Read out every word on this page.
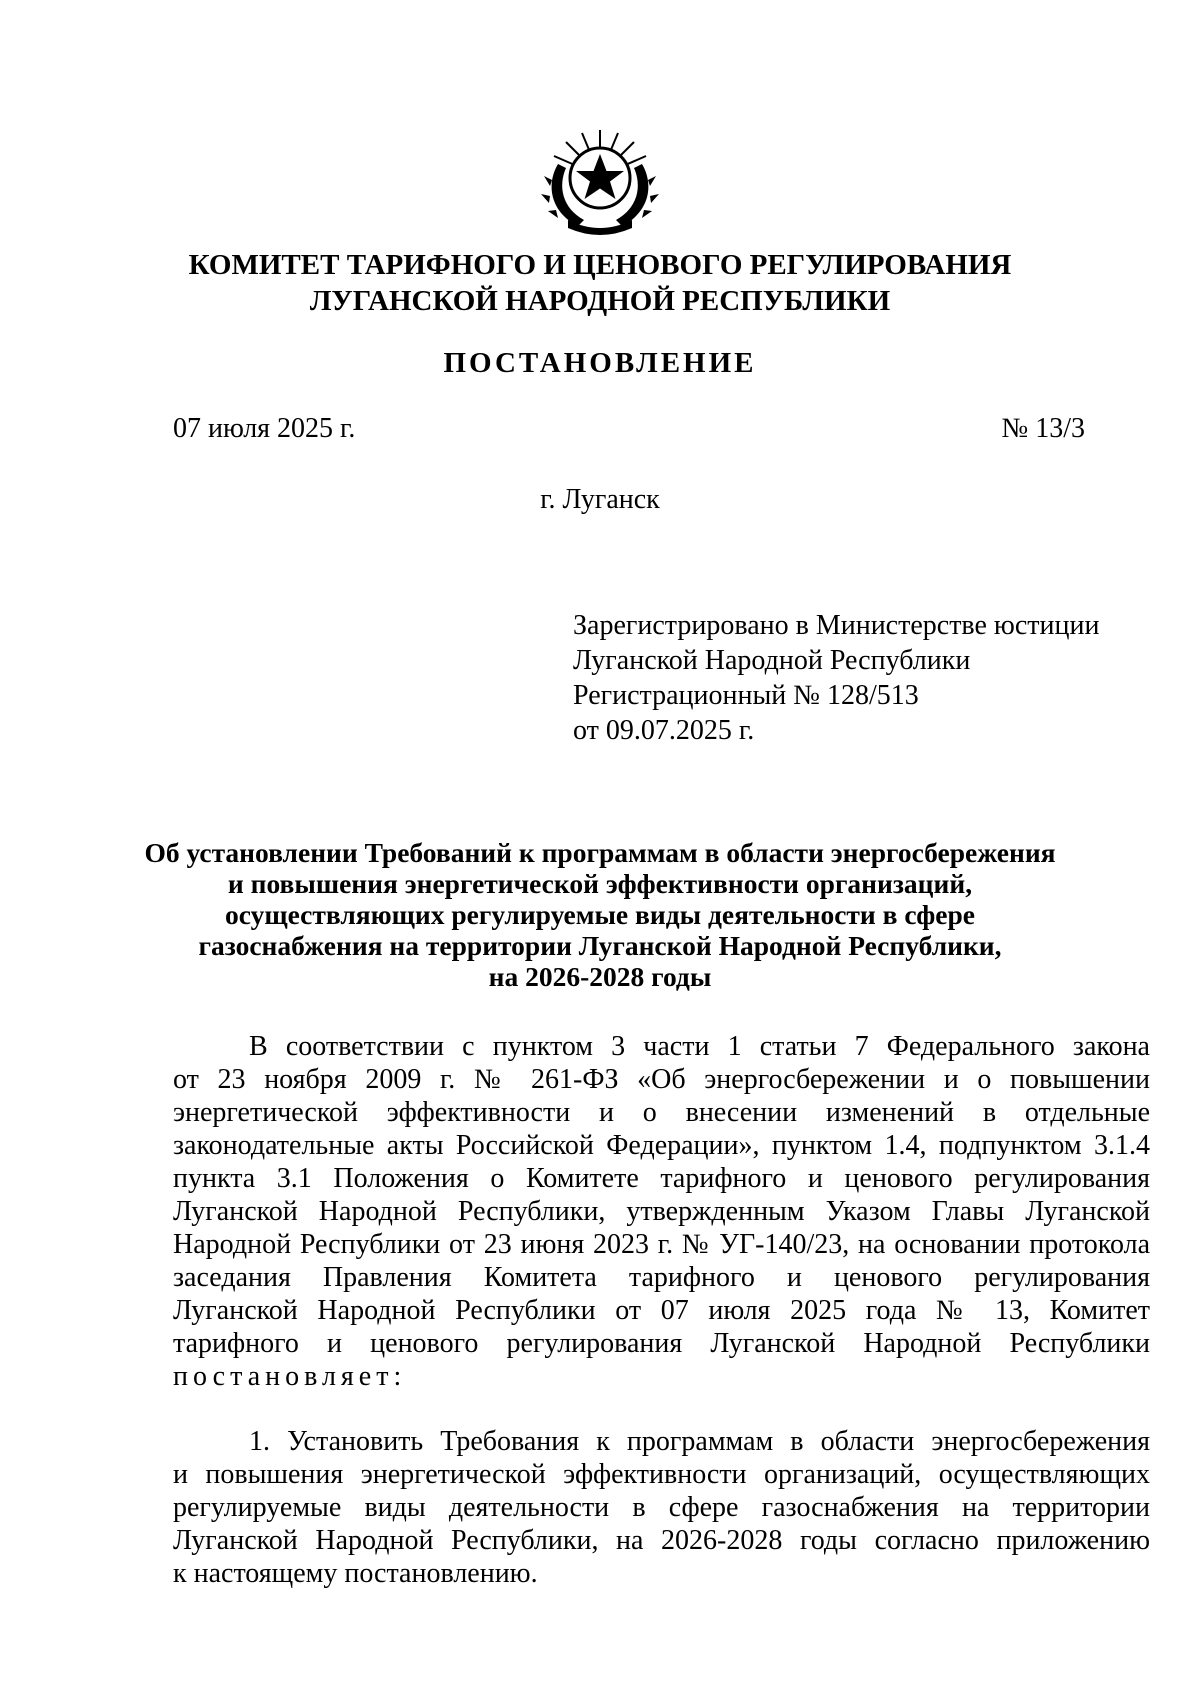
КОМИТЕТ ТАРИФНОГО И ЦЕНОВОГО РЕГУЛИРОВАНИЯ
ЛУГАНСКОЙ НАРОДНОЙ РЕСПУБЛИКИ
ПОСТАНОВЛЕНИЕ
07 июля 2025 г.	№ 13/3
г. Луганск
Зарегистрировано в Министерстве юстиции
Луганской Народной Республики
Регистрационный № 128/513
от 09.07.2025 г.
Об установлении Требований к программам в области энергосбережения
и повышения энергетической эффективности организаций,
осуществляющих регулируемые виды деятельности в сфере
газоснабжения на территории Луганской Народной Республики,
на 2026-2028 годы
В соответствии с пунктом 3 части 1 статьи 7 Федерального закона
от 23 ноября 2009 г. № 261-ФЗ «Об энергосбережении и о повышении
энергетической эффективности и о внесении изменений в отдельные
законодательные акты Российской Федерации», пунктом 1.4, подпунктом 3.1.4
пункта 3.1 Положения о Комитете тарифного и ценового регулирования
Луганской Народной Республики, утвержденным Указом Главы Луганской
Народной Республики от 23 июня 2023 г. № УГ-140/23, на основании протокола
заседания Правления Комитета тарифного и ценового регулирования
Луганской Народной Республики от 07 июля 2025 года № 13, Комитет
тарифного и ценового регулирования Луганской Народной Республики
постановляет:
1. Установить Требования к программам в области энергосбережения
и повышения энергетической эффективности организаций, осуществляющих
регулируемые виды деятельности в сфере газоснабжения на территории
Луганской Народной Республики, на 2026-2028 годы согласно приложению
к настоящему постановлению.
